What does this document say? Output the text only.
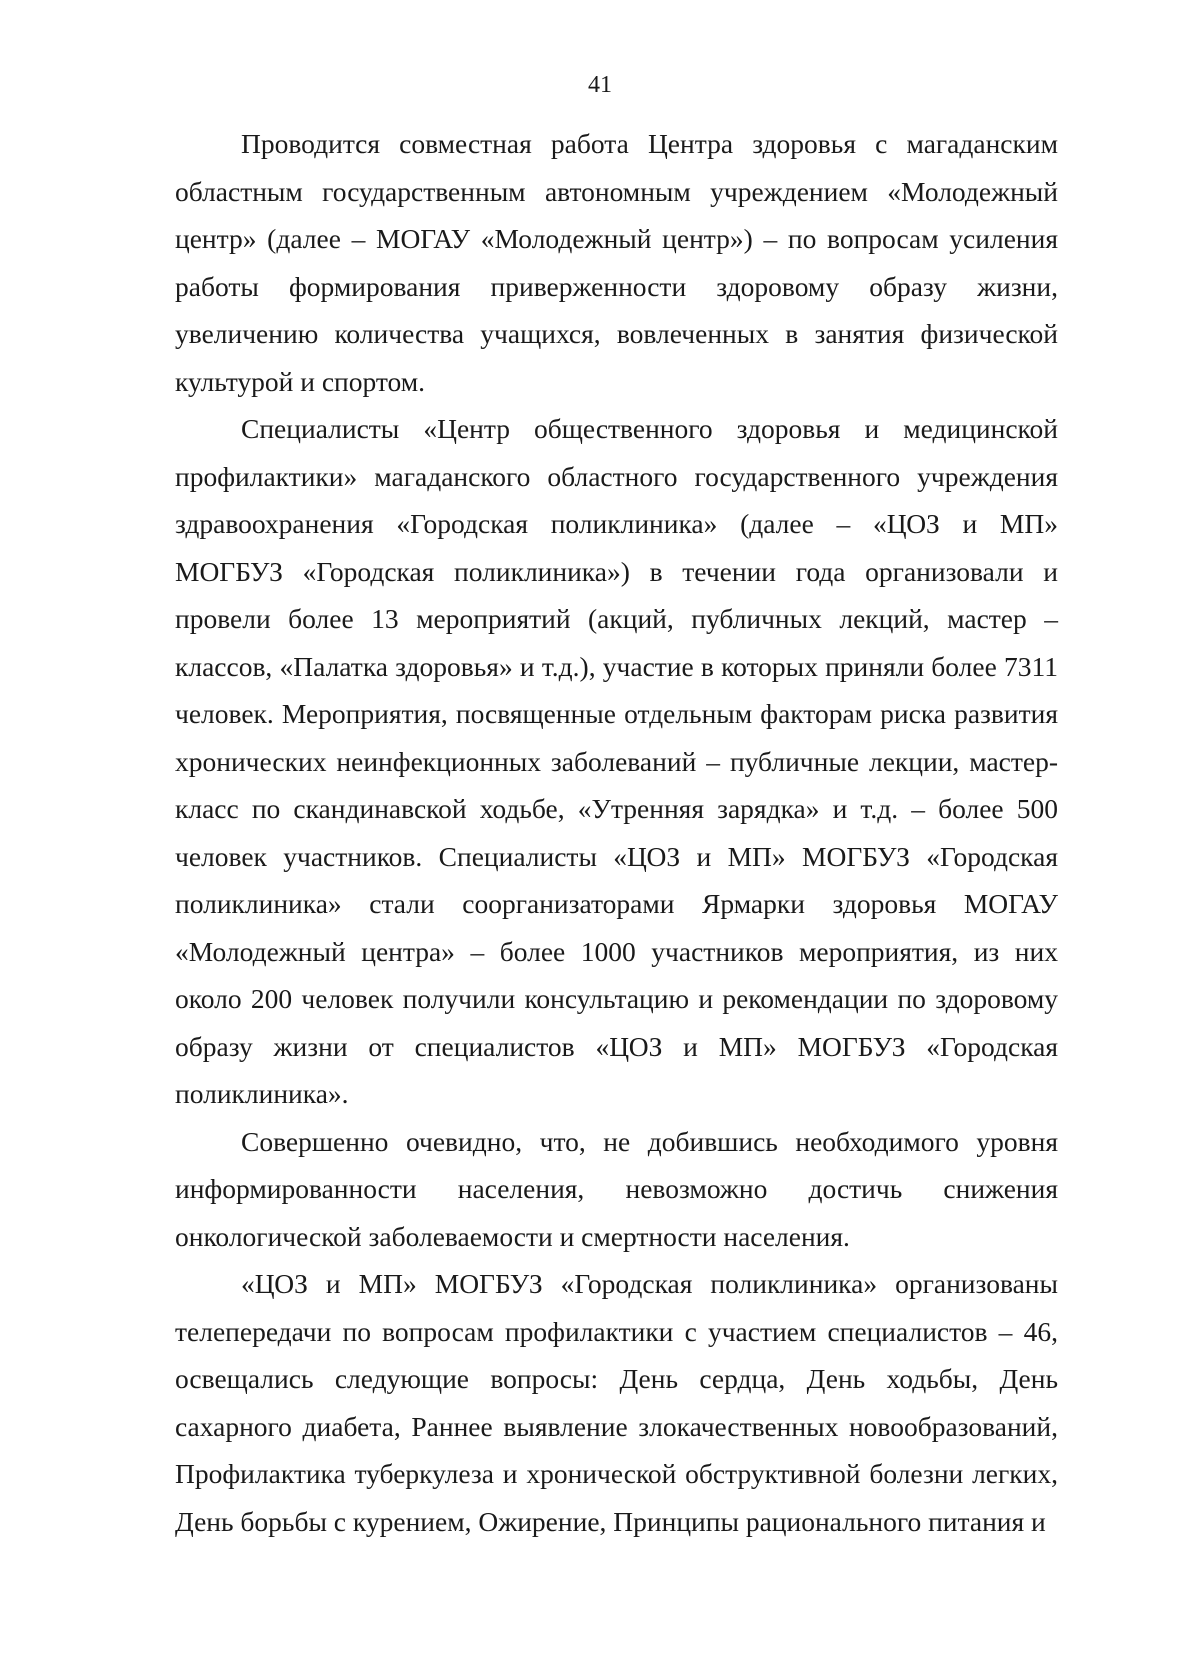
41

Проводится совместная работа Центра здоровья с магаданским областным государственным автономным учреждением «Молодежный центр» (далее – МОГАУ «Молодежный центр») – по вопросам усиления работы формирования приверженности здоровому образу жизни, увеличению количества учащихся, вовлеченных в занятия физической культурой и спортом.

Специалисты «Центр общественного здоровья и медицинской профилактики» магаданского областного государственного учреждения здравоохранения «Городская поликлиника» (далее – «ЦОЗ и МП» МОГБУЗ «Городская поликлиника») в течении года организовали и провели более 13 мероприятий (акций, публичных лекций, мастер – классов, «Палатка здоровья» и т.д.), участие в которых приняли более 7311 человек. Мероприятия, посвященные отдельным факторам риска развития хронических неинфекционных заболеваний – публичные лекции, мастер-класс по скандинавской ходьбе, «Утренняя зарядка» и т.д. – более 500 человек участников. Специалисты «ЦОЗ и МП» МОГБУЗ «Городская поликлиника» стали соорганизаторами Ярмарки здоровья МОГАУ «Молодежный центра» – более 1000 участников мероприятия, из них около 200 человек получили консультацию и рекомендации по здоровому образу жизни от специалистов «ЦОЗ и МП» МОГБУЗ «Городская поликлиника».

Совершенно очевидно, что, не добившись необходимого уровня информированности населения, невозможно достичь снижения онкологической заболеваемости и смертности населения.

«ЦОЗ и МП» МОГБУЗ «Городская поликлиника» организованы телепередачи по вопросам профилактики с участием специалистов – 46, освещались следующие вопросы: День сердца, День ходьбы, День сахарного диабета, Раннее выявление злокачественных новообразований, Профилактика туберкулеза и хронической обструктивной болезни легких, День борьбы с курением, Ожирение, Принципы рационального питания и
